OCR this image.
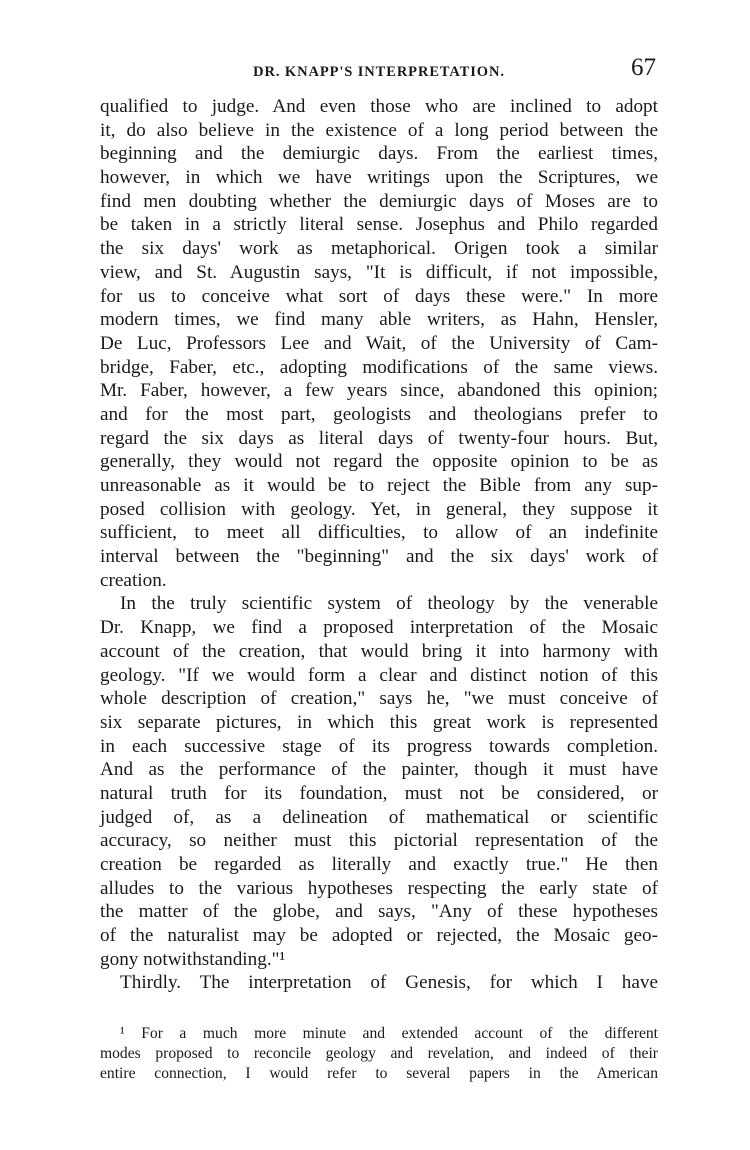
DR. KNAPP'S INTERPRETATION.	67
qualified to judge. And even those who are inclined to adopt
it, do also believe in the existence of a long period between the
beginning and the demiurgic days. From the earliest times,
however, in which we have writings upon the Scriptures, we
find men doubting whether the demiurgic days of Moses are to
be taken in a strictly literal sense. Josephus and Philo regarded
the six days' work as metaphorical. Origen took a similar
view, and St. Augustin says, "It is difficult, if not impossible,
for us to conceive what sort of days these were." In more
modern times, we find many able writers, as Hahn, Hensler,
De Luc, Professors Lee and Wait, of the University of Cam-
bridge, Faber, etc., adopting modifications of the same views.
Mr. Faber, however, a few years since, abandoned this opinion;
and for the most part, geologists and theologians prefer to
regard the six days as literal days of twenty-four hours. But,
generally, they would not regard the opposite opinion to be as
unreasonable as it would be to reject the Bible from any sup-
posed collision with geology. Yet, in general, they suppose it
sufficient, to meet all difficulties, to allow of an indefinite
interval between the "beginning" and the six days' work of
creation.
In the truly scientific system of theology by the venerable
Dr. Knapp, we find a proposed interpretation of the Mosaic
account of the creation, that would bring it into harmony with
geology. "If we would form a clear and distinct notion of this
whole description of creation," says he, "we must conceive of
six separate pictures, in which this great work is represented
in each successive stage of its progress towards completion.
And as the performance of the painter, though it must have
natural truth for its foundation, must not be considered, or
judged of, as a delineation of mathematical or scientific
accuracy, so neither must this pictorial representation of the
creation be regarded as literally and exactly true." He then
alludes to the various hypotheses respecting the early state of
the matter of the globe, and says, "Any of these hypotheses
of the naturalist may be adopted or rejected, the Mosaic geo-
gony notwithstanding."¹
Thirdly. The interpretation of Genesis, for which I have
¹ For a much more minute and extended account of the different
modes proposed to reconcile geology and revelation, and indeed of their
entire connection, I would refer to several papers in the American
